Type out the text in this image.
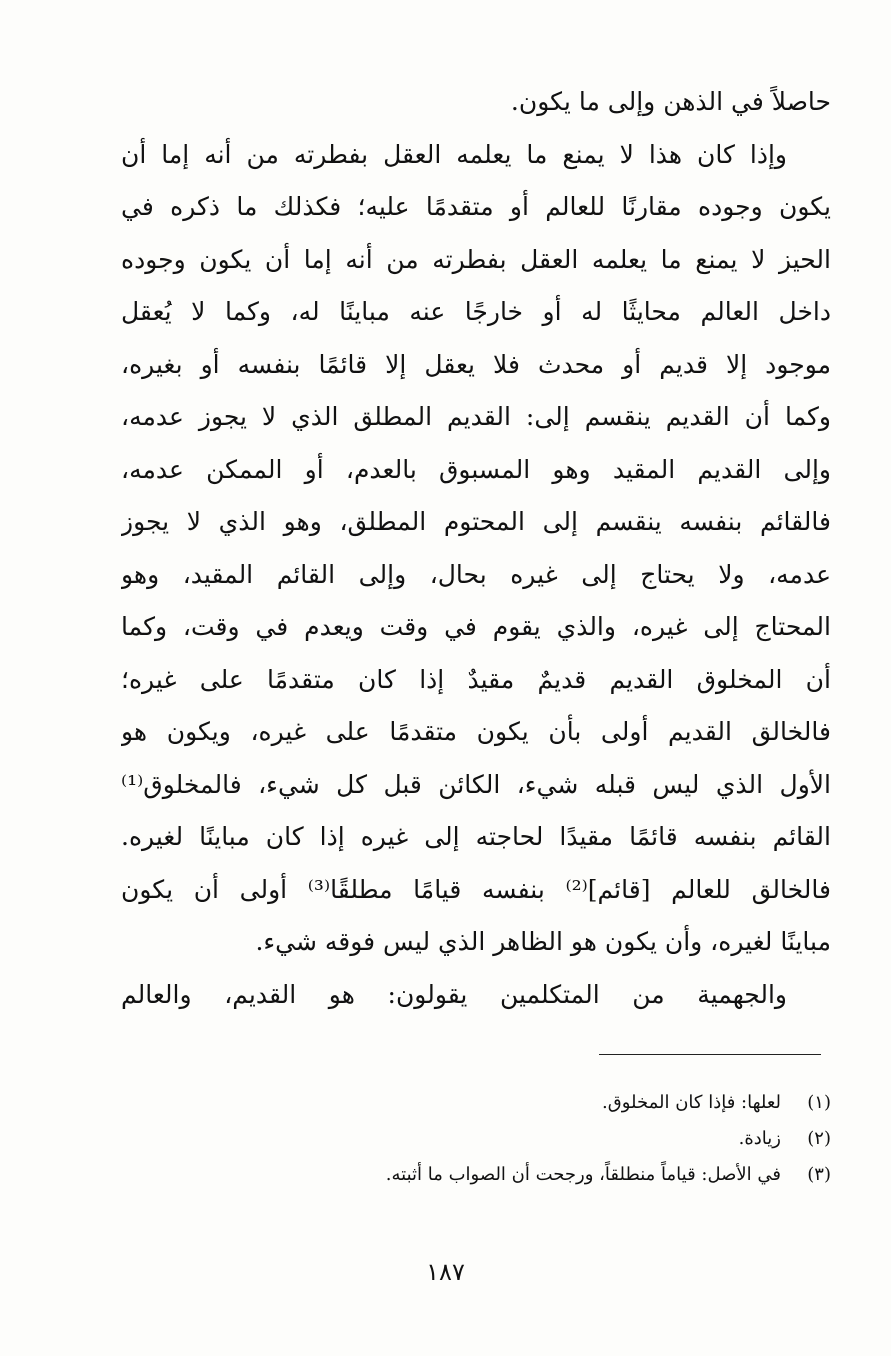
حاصلاً في الذهن وإلى ما يكون.
وإذا كان هذا لا يمنع ما يعلمه العقل بفطرته من أنه إما أن
يكون وجوده مقارنًا للعالم أو متقدمًا عليه؛ فكذلك ما ذكره في
الحيز لا يمنع ما يعلمه العقل بفطرته من أنه إما أن يكون وجوده
داخل العالم محايثًا له أو خارجًا عنه مباينًا له، وكما لا يُعقل
موجود إلا قديم أو محدث فلا يعقل إلا قائمًا بنفسه أو بغيره،
وكما أن القديم ينقسم إلى: القديم المطلق الذي لا يجوز عدمه،
وإلى القديم المقيد وهو المسبوق بالعدم، أو الممكن عدمه،
فالقائم بنفسه ينقسم إلى المحتوم المطلق، وهو الذي لا يجوز
عدمه، ولا يحتاج إلى غيره بحال، وإلى القائم المقيد، وهو
المحتاج إلى غيره، والذي يقوم في وقت ويعدم في وقت، وكما
أن المخلوق القديم قديمٌ مقيدٌ إذا كان متقدمًا على غيره؛
فالخالق القديم أولى بأن يكون متقدمًا على غيره، ويكون هو
الأول الذي ليس قبله شيء، الكائن قبل كل شيء، فالمخلوق⁽¹⁾
القائم بنفسه قائمًا مقيدًا لحاجته إلى غيره إذا كان مباينًا لغيره.
فالخالق للعالم [قائم]⁽²⁾ بنفسه قيامًا مطلقًا⁽³⁾ أولى أن يكون
مباينًا لغيره، وأن يكون هو الظاهر الذي ليس فوقه شيء.
والجهمية من المتكلمين يقولون: هو القديم، والعالم
(١)لعلها: فإذا كان المخلوق.
(٢)زيادة.
(٣)في الأصل: قياماً منطلقاً، ورجحت أن الصواب ما أثبته.
١٨٧
